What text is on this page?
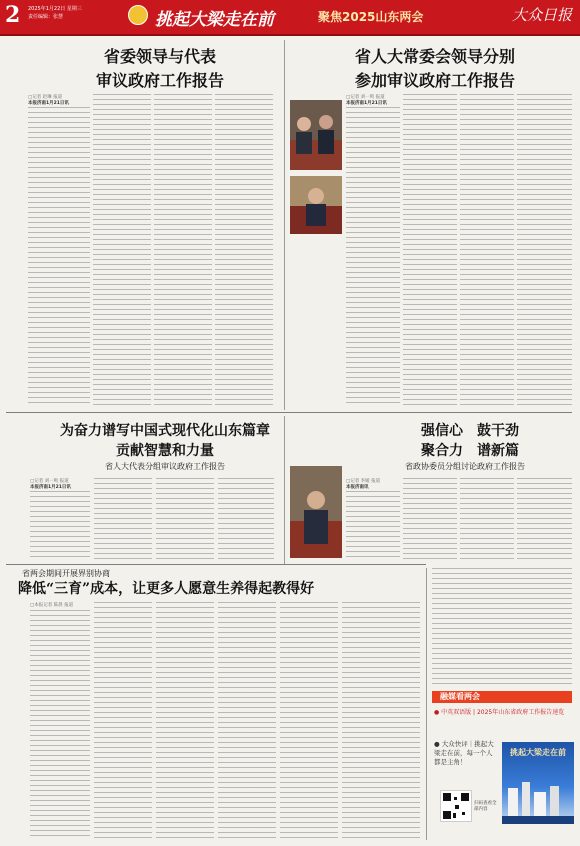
2 2025年1月22日 星期三
责任编辑：张慧	挑起大梁走在前	聚焦2025山东两会	大众日报
省委领导与代表
审议政府工作报告
□记者 赵琳 报道
本报济南1月21日讯
省人大常委会领导分别
参加审议政府工作报告
□记者 刘一鸣 报道
本报济南1月21日讯
为奋力谱写中国式现代化山东篇章
贡献智慧和力量
省人大代表分组审议政府工作报告
□记者 刘一鸣 报道
本报济南1月21日讯
强信心　鼓干劲
聚合力　谱新篇
省政协委员分组讨论政府工作报告
□记者 李媛 报道
本报济南讯
省两会期间开展界别协商
降低“三育”成本，让更多人愿意生养得起教得好
□本报记者 陈晨 报道
融媒看两会
● 中英双语版 | 2025年山东省政府工作报告速览
● 大众快评｜挑起大梁走在前，每一个人都是主角！
扫码查看全部内容
挑起大梁走在前
